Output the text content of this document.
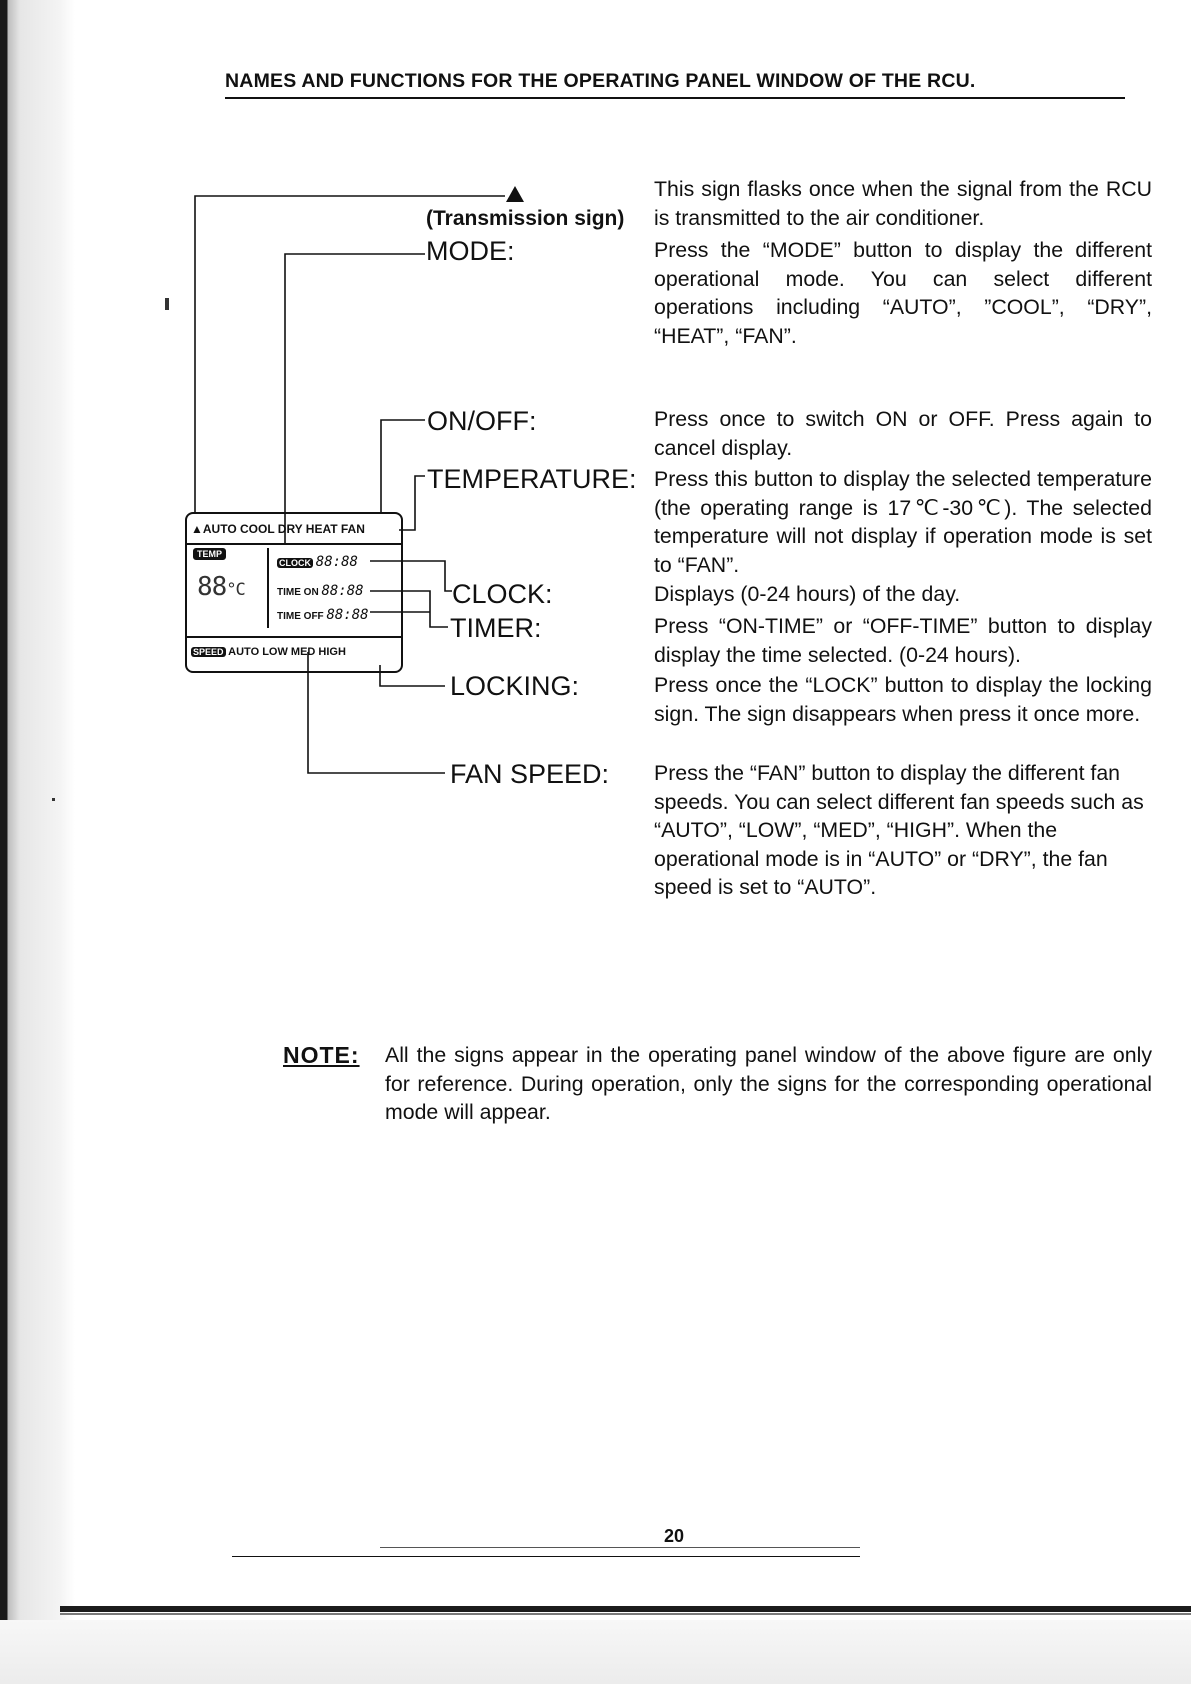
NAMES AND FUNCTIONS FOR THE OPERATING PANEL WINDOW OF THE RCU.
(Transmission sign)
MODE:
ON/OFF:
TEMPERATURE:
CLOCK:
TIMER:
LOCKING:
FAN SPEED:
▲AUTO COOL DRY HEAT FAN
TEMP
88°C
CLOCK 88:88
TIME ON 88:88
TIME OFF 88:88
SPEED AUTO LOW MED HIGH
This sign flasks once when the signal from the RCU is transmitted to the air conditioner.
Press the “MODE” button to display the different operational mode. You can select different operations including “AUTO”, ”COOL”, “DRY”, “HEAT”, “FAN”.
Press once to switch ON or OFF. Press again to cancel display.
Press this button to display the selected temperature (the operating range is 17℃-30℃). The selected temperature will not display if operation mode is set to “FAN”.
Displays (0-24 hours) of the day.
Press “ON-TIME” or “OFF-TIME” button to display display the time selected. (0-24 hours).
Press once the “LOCK” button to display the locking sign. The sign disappears when press it once more.
Press the “FAN” button to display the different fan speeds. You can select different fan speeds such as “AUTO”, “LOW”, “MED”, “HIGH”. When the operational mode is in “AUTO” or “DRY”, the fan speed is set to “AUTO”.
NOTE: All the signs appear in the operating panel window of the above figure are only for reference. During operation, only the signs for the corresponding operational mode will appear.
20
